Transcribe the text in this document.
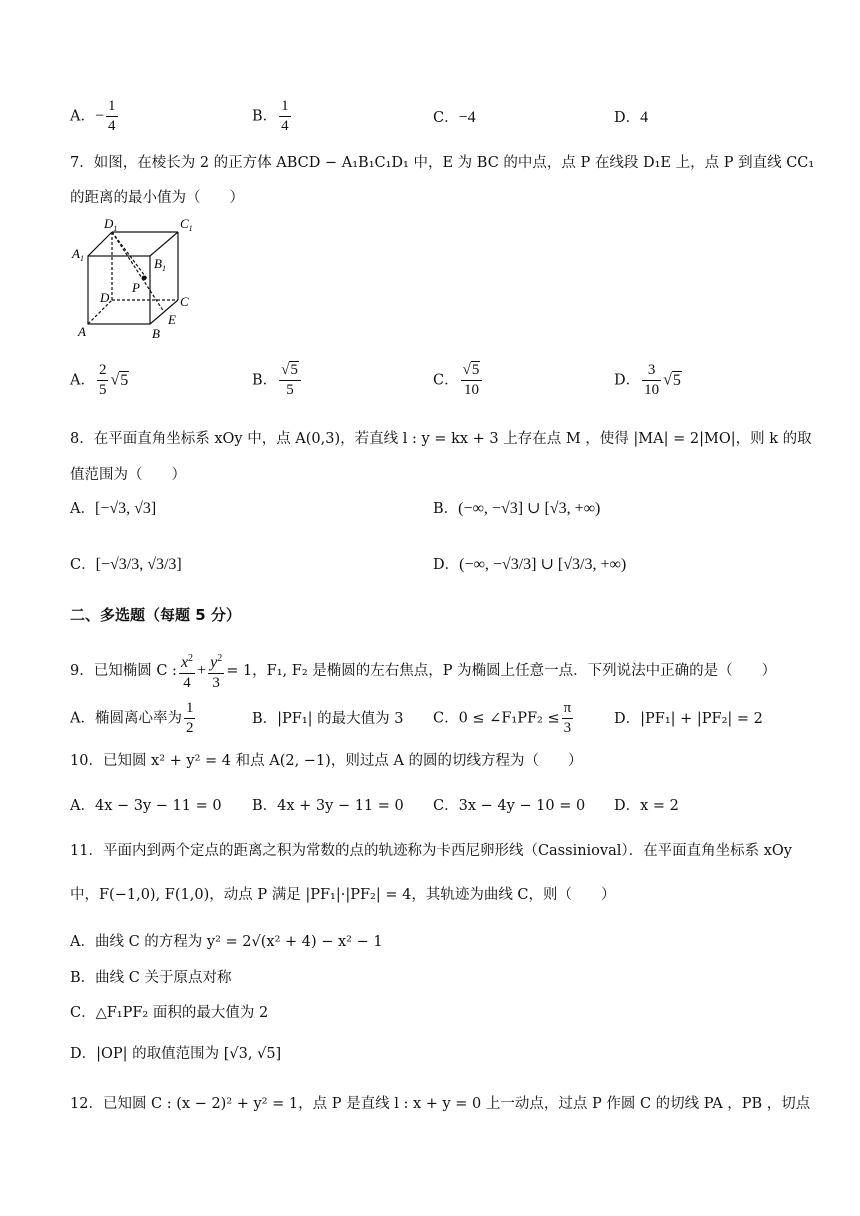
A．− $\frac{1}{4}$	B． $\frac{1}{4}$	C．−4	D．4
7．如图，在棱长为 2 的正方体 ABCD − A₁B₁C₁D₁ 中，E 为 BC 的中点，点 P 在线段 D₁E 上，点 P 到直线 CC₁
的距离的最小值为（　　）
$D_1$	$C_1$
$A_1$	$B_1$
P
D	C
E
A	B
A． $\frac{2}{5} √5$	B． $\frac{√5}{5}$	C． $\frac{√5}{10}$	D． $\frac{3}{10} √5$
8．在平面直角坐标系 xOy 中，点 A(0,3)，若直线 l : y = kx + 3 上存在点 M ，使得 |MA| = 2|MO|，则 k 的取
值范围为（　　）
A．[−√3, √3]	B．(−∞, −√3] ∪ [√3, +∞)
C．[−√3/3, √3/3]	D．(−∞, −√3/3] ∪ [√3/3, +∞)
二、多选题（每题 5 分）
9．已知椭圆 C : $\frac{x^2}{4} + \frac{y^2}{3} = 1$，F₁, F₂ 是椭圆的左右焦点，P 为椭圆上任意一点．下列说法中正确的是（　　）
A．椭圆离心率为 $\frac{1}{2}$	B．|PF₁| 的最大值为 3 C．0 ≤ ∠F₁PF₂ ≤ $\frac{\pi}{3}$	D．|PF₁| + |PF₂| = 2
10．已知圆 x² + y² = 4 和点 A(2, −1)，则过点 A 的圆的切线方程为（　　）
A．4x − 3y − 11 = 0 B．4x + 3y − 11 = 0 C．3x − 4y − 10 = 0 D．x = 2
11．平面内到两个定点的距离之积为常数的点的轨迹称为卡西尼卵形线（Cassinioval）．在平面直角坐标系 xOy
中，F(−1,0), F(1,0)，动点 P 满足 |PF₁|·|PF₂| = 4，其轨迹为曲线 C，则（　　）
A．曲线 C 的方程为 y² = 2√(x² + 4) − x² − 1
B．曲线 C 关于原点对称
C．△F₁PF₂ 面积的最大值为 2
D．|OP| 的取值范围为 [√3, √5]
12．已知圆 C : (x − 2)² + y² = 1，点 P 是直线 l : x + y = 0 上一动点，过点 P 作圆 C 的切线 PA ，PB ，切点
